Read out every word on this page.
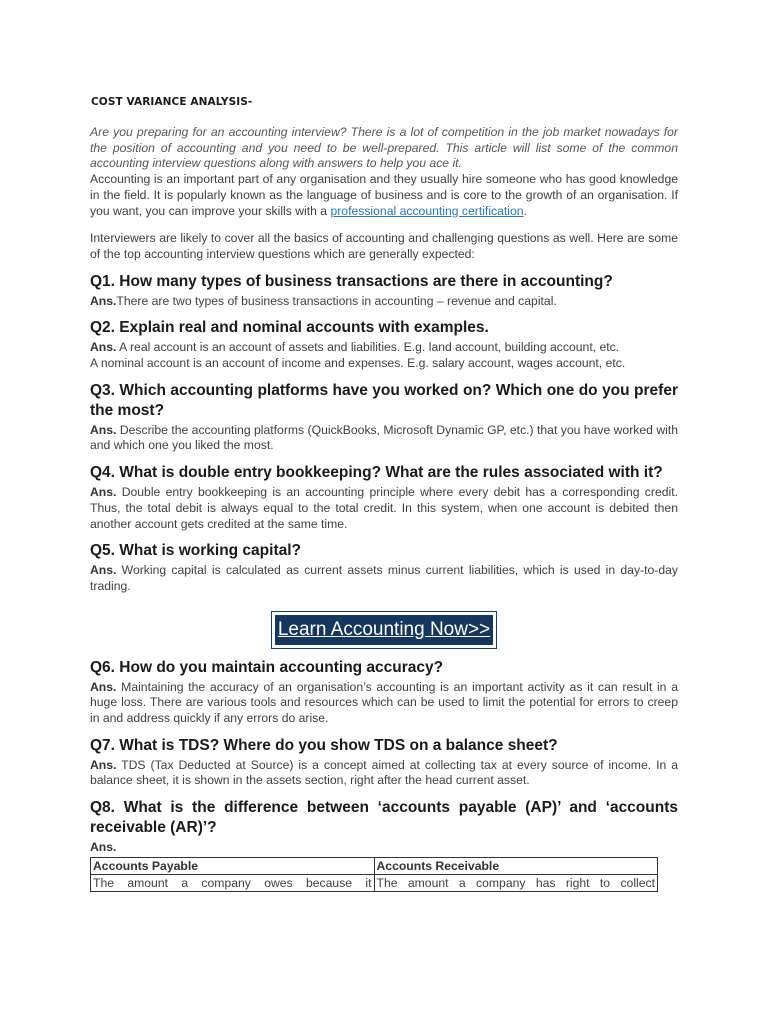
COST VARIANCE ANALYSIS-

Are you preparing for an accounting interview? There is a lot of competition in the job market nowadays for the position of accounting and you need to be well-prepared. This article will list some of the common accounting interview questions along with answers to help you ace it.

Accounting is an important part of any organisation and they usually hire someone who has good knowledge in the field. It is popularly known as the language of business and is core to the growth of an organisation. If you want, you can improve your skills with a professional accounting certification.

Interviewers are likely to cover all the basics of accounting and challenging questions as well. Here are some of the top accounting interview questions which are generally expected:

Q1. How many types of business transactions are there in accounting?

Ans.There are two types of business transactions in accounting – revenue and capital.

Q2. Explain real and nominal accounts with examples.

Ans. A real account is an account of assets and liabilities. E.g. land account, building account, etc.

A nominal account is an account of income and expenses. E.g. salary account, wages account, etc.

Q3. Which accounting platforms have you worked on? Which one do you prefer the most?

Ans. Describe the accounting platforms (QuickBooks, Microsoft Dynamic GP, etc.) that you have worked with and which one you liked the most.

Q4. What is double entry bookkeeping? What are the rules associated with it?

Ans. Double entry bookkeeping is an accounting principle where every debit has a corresponding credit. Thus, the total debit is always equal to the total credit. In this system, when one account is debited then another account gets credited at the same time.

Q5. What is working capital?

Ans. Working capital is calculated as current assets minus current liabilities, which is used in day-to-day trading.

Learn Accounting Now>>
Q6. How do you maintain accounting accuracy?

Ans. Maintaining the accuracy of an organisation’s accounting is an important activity as it can result in a huge loss. There are various tools and resources which can be used to limit the potential for errors to creep in and address quickly if any errors do arise.

Q7. What is TDS? Where do you show TDS on a balance sheet?

Ans. TDS (Tax Deducted at Source) is a concept aimed at collecting tax at every source of income. In a balance sheet, it is shown in the assets section, right after the head current asset.

Q8. What is the difference between ‘accounts payable (AP)’ and ‘accounts receivable (AR)’?

Ans.

Accounts Payable	Accounts Receivable
The amount a company owes because it	The amount a company has right to collect
